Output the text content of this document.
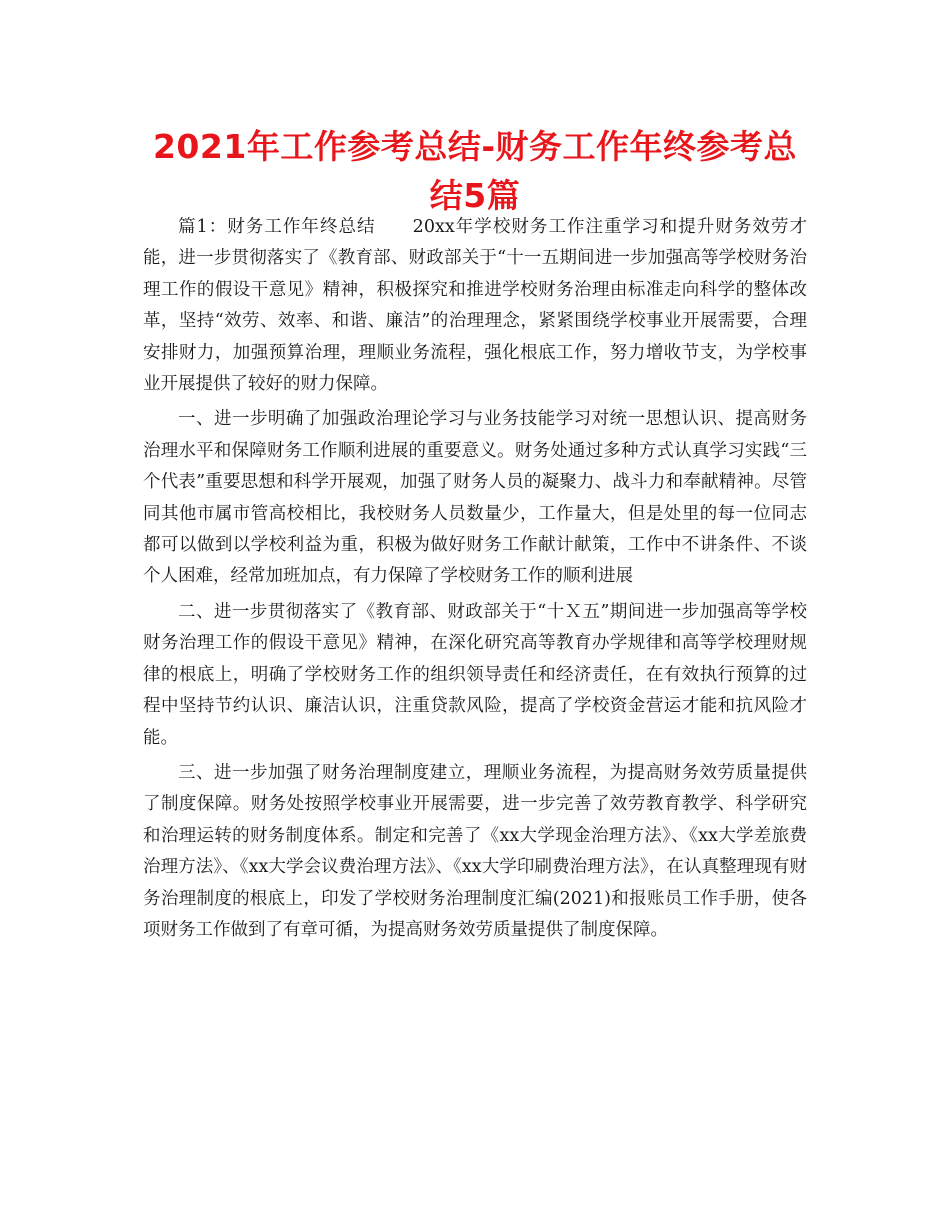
2021年工作参考总结-财务工作年终参考总结5篇

篇1：财务工作年终总结　　20xx年学校财务工作注重学习和提升财务效劳才能，进一步贯彻落实了《教育部、财政部关于“十一五期间进一步加强高等学校财务治理工作的假设干意见》精神，积极探究和推进学校财务治理由标准走向科学的整体改革，坚持“效劳、效率、和谐、廉洁”的治理理念，紧紧围绕学校事业开展需要，合理安排财力，加强预算治理，理顺业务流程，强化根底工作，努力增收节支，为学校事业开展提供了较好的财力保障。

一、进一步明确了加强政治理论学习与业务技能学习对统一思想认识、提高财务治理水平和保障财务工作顺利进展的重要意义。财务处通过多种方式认真学习实践“三个代表”重要思想和科学开展观，加强了财务人员的凝聚力、战斗力和奉献精神。尽管同其他市属市管高校相比，我校财务人员数量少，工作量大，但是处里的每一位同志都可以做到以学校利益为重，积极为做好财务工作献计献策，工作中不讲条件、不谈个人困难，经常加班加点，有力保障了学校财务工作的顺利进展

二、进一步贯彻落实了《教育部、财政部关于“十Ｘ五”期间进一步加强高等学校财务治理工作的假设干意见》精神，在深化研究高等教育办学规律和高等学校理财规律的根底上，明确了学校财务工作的组织领导责任和经济责任，在有效执行预算的过程中坚持节约认识、廉洁认识，注重贷款风险，提高了学校资金营运才能和抗风险才能。

三、进一步加强了财务治理制度建立，理顺业务流程，为提高财务效劳质量提供了制度保障。财务处按照学校事业开展需要，进一步完善了效劳教育教学、科学研究和治理运转的财务制度体系。制定和完善了《xx大学现金治理方法》、《xx大学差旅费治理方法》、《xx大学会议费治理方法》、《xx大学印刷费治理方法》，在认真整理现有财务治理制度的根底上，印发了学校财务治理制度汇编(2021)和报账员工作手册，使各项财务工作做到了有章可循，为提高财务效劳质量提供了制度保障。
